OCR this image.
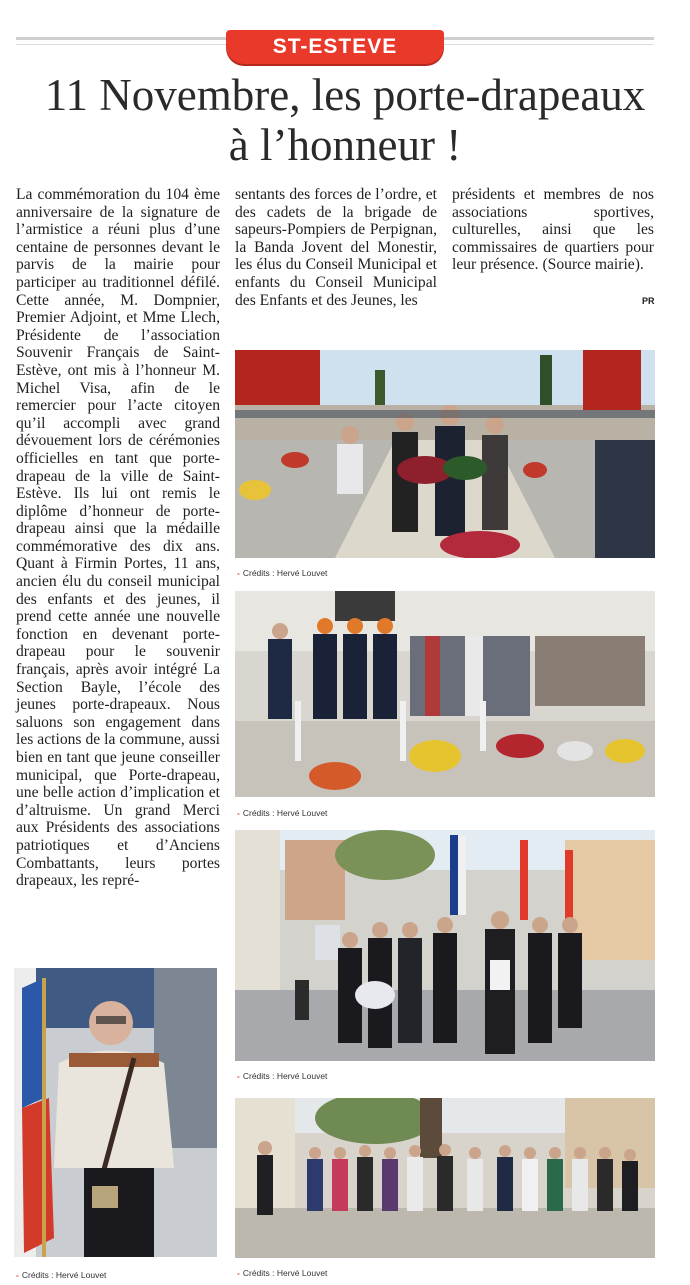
ST-ESTEVE
11 Novembre, les porte-drapeaux
à l’honneur !

La commémoration du 104 ème anniversaire de la signature de l’armistice a réuni plus d’une centaine de personnes devant le parvis de la mairie pour participer au traditionnel défilé. Cette année, M. Dompnier, Premier Adjoint, et Mme Llech, Présidente de l’association Souvenir Français de Saint-Estève, ont mis à l’honneur M. Michel Visa, afin de le remercier pour l’acte citoyen qu’il accompli avec grand dévouement lors de cérémonies officielles en tant que porte-drapeau de la ville de Saint-Estève. Ils lui ont remis le diplôme d’honneur de porte-drapeau ainsi que la médaille commémorative des dix ans. Quant à Firmin Portes, 11 ans, ancien élu du conseil municipal des enfants et des jeunes, il prend cette année une nouvelle fonction en devenant porte-drapeau pour le souvenir français, après avoir intégré La Section Bayle, l’école des jeunes porte-drapeaux. Nous saluons son engagement dans les actions de la commune, aussi bien en tant que jeune conseiller municipal, que Porte-drapeau, une belle action d’implication et d’altruisme. Un grand Merci aux Présidents des associations patriotiques et d’Anciens Combattants, leurs portes drapeaux, les repré-

sentants des forces de l’ordre, et des cadets de la brigade de sapeurs-Pompiers de Perpignan, la Banda Jovent del Monestir, les élus du Conseil Municipal et enfants du Conseil Municipal des Enfants et des Jeunes, les

présidents et membres de nos associations sportives, culturelles, ainsi que les commissaires de quartiers pour leur présence. (Source mairie).

PR
- Crédits : Hervé Louvet
- Crédits : Hervé Louvet
- Crédits : Hervé Louvet
- Crédits : Hervé Louvet	- Crédits : Hervé Louvet
